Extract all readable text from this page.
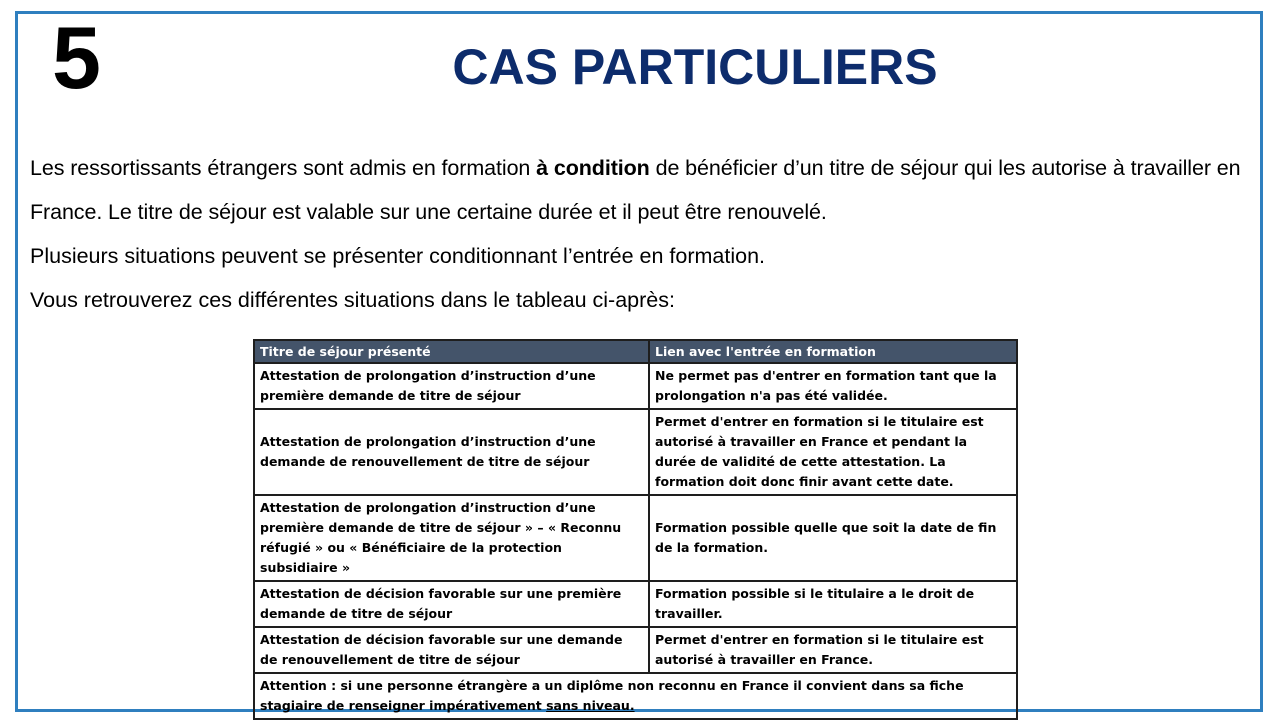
5	CAS PARTICULIERS

Les ressortissants étrangers sont admis en formation à condition de bénéficier d’un titre de séjour qui les autorise à travailler en France. Le titre de séjour est valable sur une certaine durée et il peut être renouvelé.

Plusieurs situations peuvent se présenter conditionnant l’entrée en formation.

Vous retrouverez ces différentes situations dans le tableau ci-après:

Titre de séjour présenté	Lien avec l'entrée en formation
Attestation de prolongation d’instruction d’une première demande de titre de séjour	Ne permet pas d'entrer en formation tant que la prolongation n'a pas été validée.
Attestation de prolongation d’instruction d’une demande de renouvellement de titre de séjour	Permet d'entrer en formation si le titulaire est autorisé à travailler en France et pendant la durée de validité de cette attestation. La formation doit donc finir avant cette date.
Attestation de prolongation d’instruction d’une première demande de titre de séjour » – « Reconnu réfugié » ou « Bénéficiaire de la protection subsidiaire »	Formation possible quelle que soit la date de fin de la formation.
Attestation de décision favorable sur une première demande de titre de séjour	Formation possible si le titulaire a le droit de travailler.
Attestation de décision favorable sur une demande de renouvellement de titre de séjour	Permet d'entrer en formation si le titulaire est autorisé à travailler en France.
Attention : si une personne étrangère a un diplôme non reconnu en France il convient dans sa fiche stagiaire de renseigner impérativement sans niveau.	
